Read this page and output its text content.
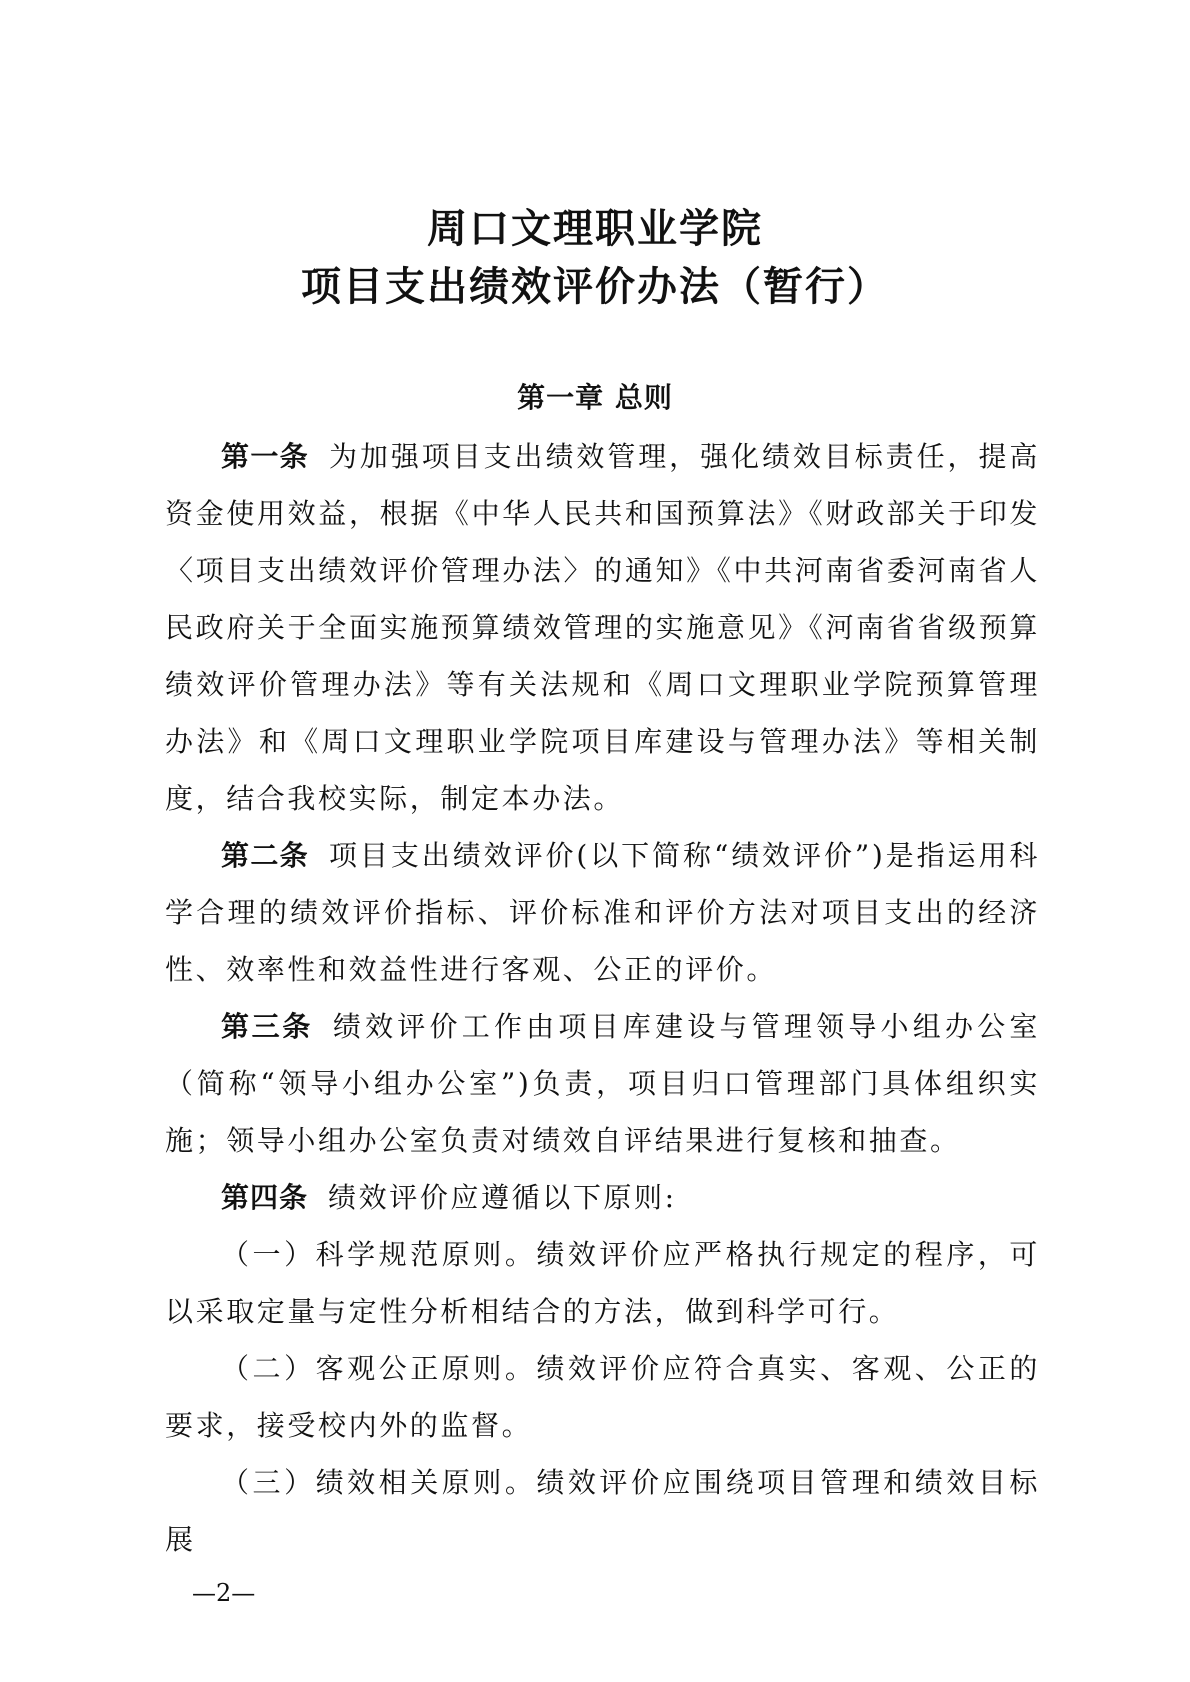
周口文理职业学院
项目支出绩效评价办法（暂行）
第一章 总则

第一条 为加强项目支出绩效管理，强化绩效目标责任，提高资金使用效益，根据《中华人民共和国预算法》《财政部关于印发〈项目支出绩效评价管理办法〉的通知》《中共河南省委河南省人民政府关于全面实施预算绩效管理的实施意见》《河南省省级预算绩效评价管理办法》等有关法规和《周口文理职业学院预算管理办法》和《周口文理职业学院项目库建设与管理办法》等相关制度，结合我校实际，制定本办法。

第二条 项目支出绩效评价(以下简称“绩效评价”)是指运用科学合理的绩效评价指标、评价标准和评价方法对项目支出的经济性、效率性和效益性进行客观、公正的评价。

第三条 绩效评价工作由项目库建设与管理领导小组办公室（简称“领导小组办公室”)负责，项目归口管理部门具体组织实施；领导小组办公室负责对绩效自评结果进行复核和抽查。

第四条 绩效评价应遵循以下原则:

（一）科学规范原则。绩效评价应严格执行规定的程序，可以采取定量与定性分析相结合的方法，做到科学可行。

（二）客观公正原则。绩效评价应符合真实、客观、公正的要求，接受校内外的监督。

（三）绩效相关原则。绩效评价应围绕项目管理和绩效目标展

—2—
